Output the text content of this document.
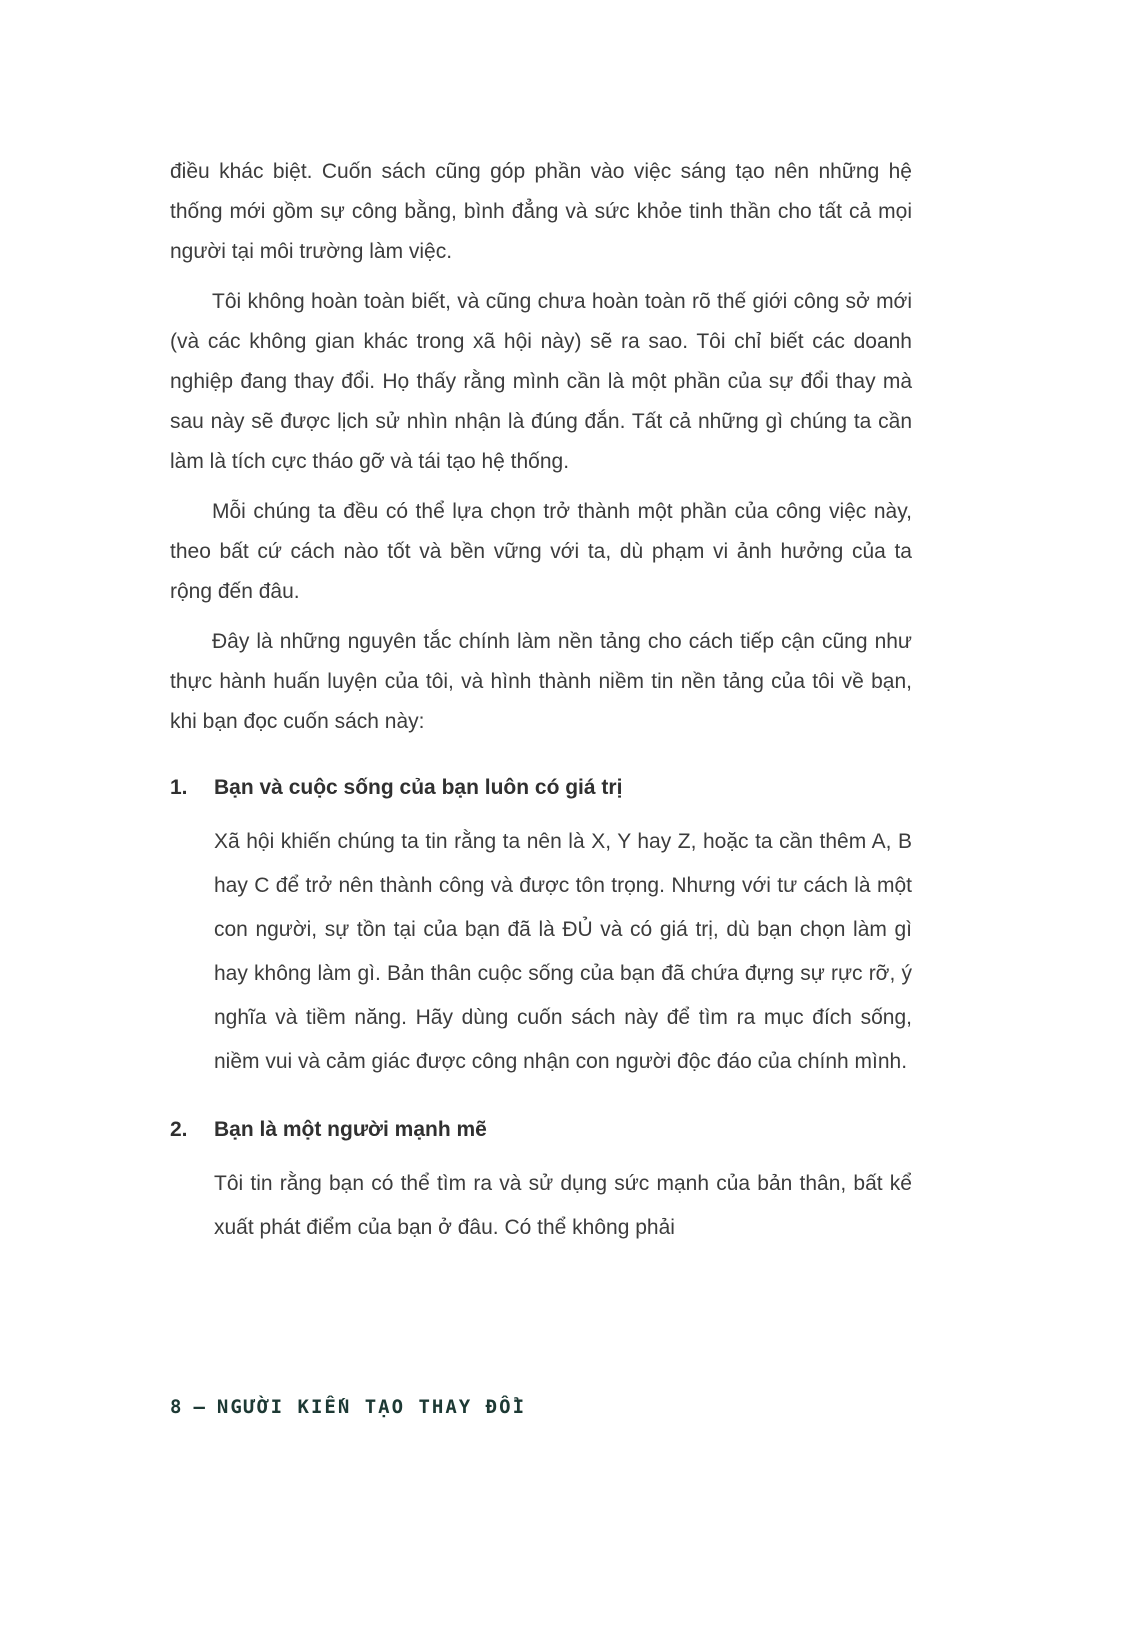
điều khác biệt. Cuốn sách cũng góp phần vào việc sáng tạo nên những hệ thống mới gồm sự công bằng, bình đẳng và sức khỏe tinh thần cho tất cả mọi người tại môi trường làm việc.

Tôi không hoàn toàn biết, và cũng chưa hoàn toàn rõ thế giới công sở mới (và các không gian khác trong xã hội này) sẽ ra sao. Tôi chỉ biết các doanh nghiệp đang thay đổi. Họ thấy rằng mình cần là một phần của sự đổi thay mà sau này sẽ được lịch sử nhìn nhận là đúng đắn. Tất cả những gì chúng ta cần làm là tích cực tháo gỡ và tái tạo hệ thống.

Mỗi chúng ta đều có thể lựa chọn trở thành một phần của công việc này, theo bất cứ cách nào tốt và bền vững với ta, dù phạm vi ảnh hưởng của ta rộng đến đâu.

Đây là những nguyên tắc chính làm nền tảng cho cách tiếp cận cũng như thực hành huấn luyện của tôi, và hình thành niềm tin nền tảng của tôi về bạn, khi bạn đọc cuốn sách này:

1. Bạn và cuộc sống của bạn luôn có giá trị

Xã hội khiến chúng ta tin rằng ta nên là X, Y hay Z, hoặc ta cần thêm A, B hay C để trở nên thành công và được tôn trọng. Nhưng với tư cách là một con người, sự tồn tại của bạn đã là ĐỦ và có giá trị, dù bạn chọn làm gì hay không làm gì. Bản thân cuộc sống của bạn đã chứa đựng sự rực rỡ, ý nghĩa và tiềm năng. Hãy dùng cuốn sách này để tìm ra mục đích sống, niềm vui và cảm giác được công nhận con người độc đáo của chính mình.

2. Bạn là một người mạnh mẽ

Tôi tin rằng bạn có thể tìm ra và sử dụng sức mạnh của bản thân, bất kể xuất phát điểm của bạn ở đâu. Có thể không phải

8 – NGƯỜI KIẾN TẠO THAY ĐỔI
